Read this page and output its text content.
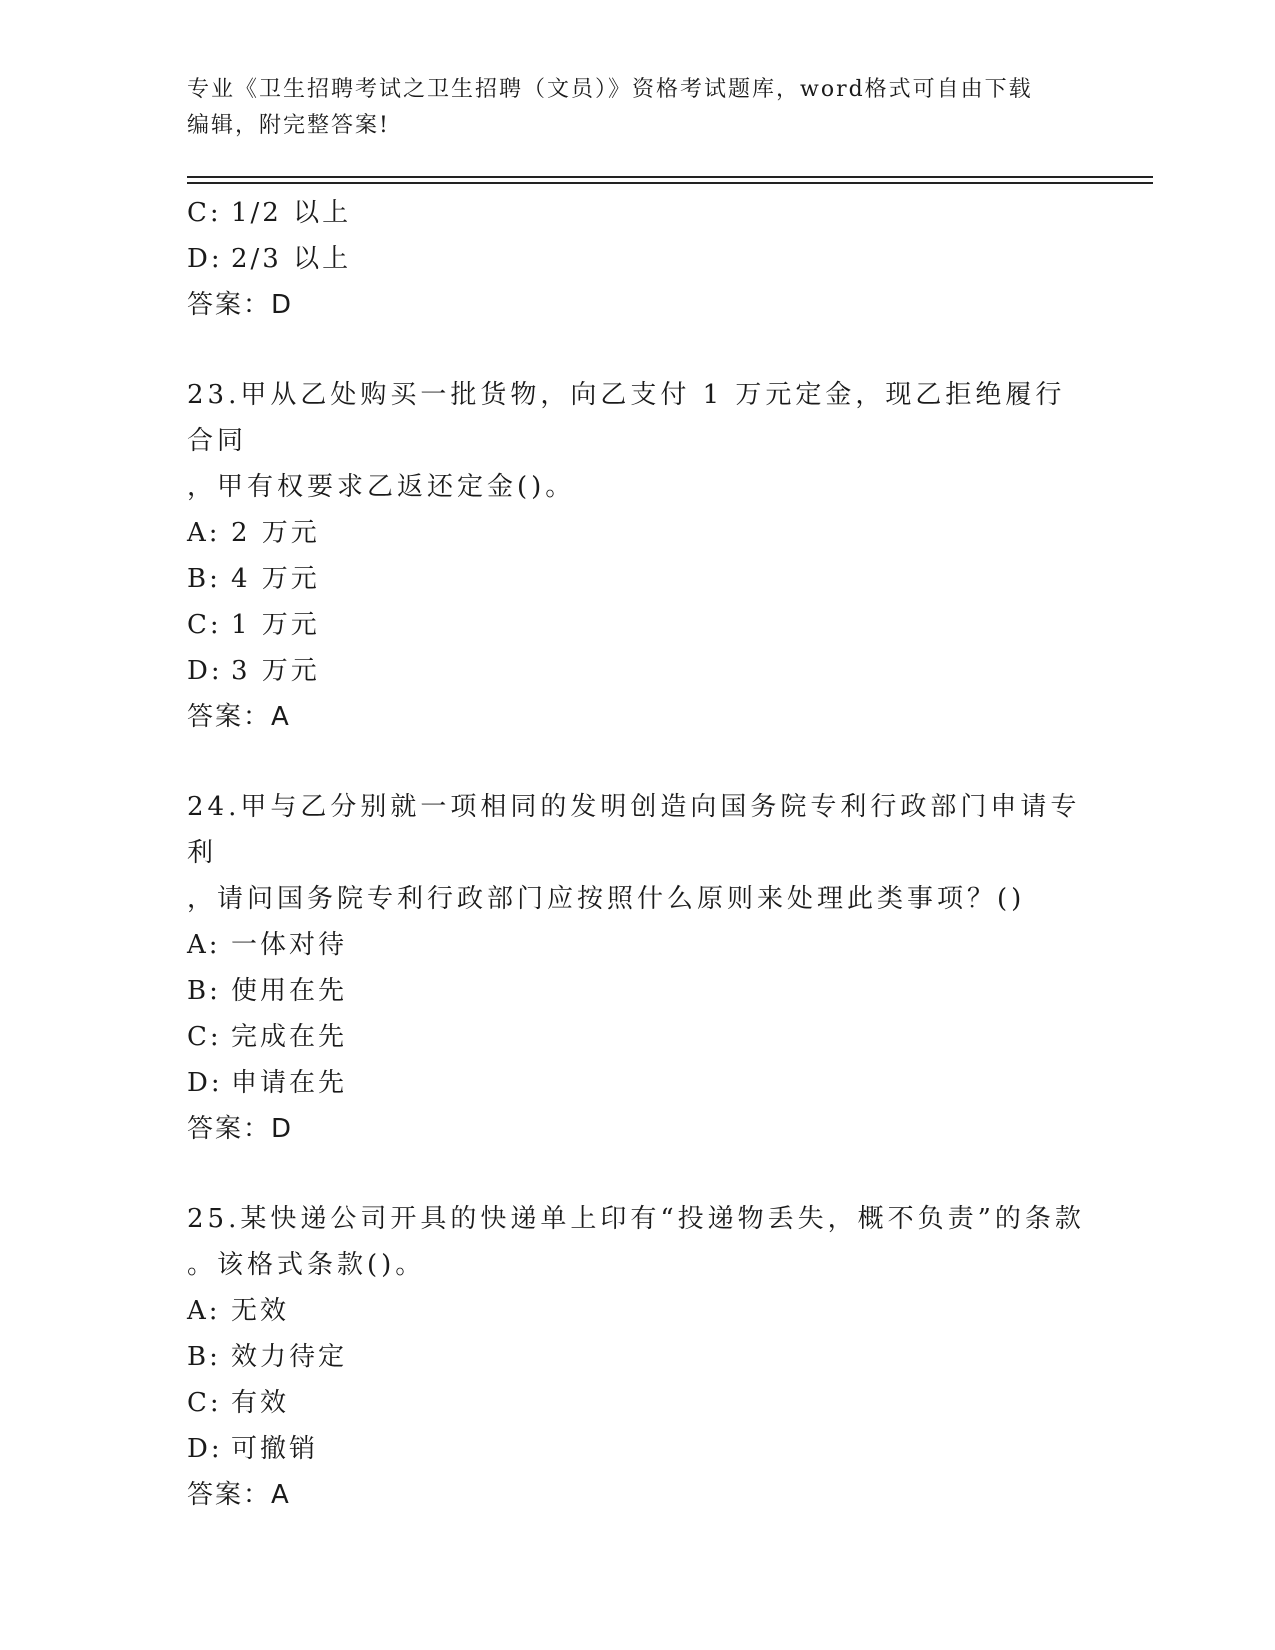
专业《卫生招聘考试之卫生招聘（文员）》资格考试题库，word格式可自由下载
编辑，附完整答案!
C: 1/2 以上
D: 2/3 以上
答案：D
23.甲从乙处购买一批货物，向乙支付 1 万元定金，现乙拒绝履行合同
，甲有权要求乙返还定金()。
A: 2 万元
B: 4 万元
C: 1 万元
D: 3 万元
答案：A
24.甲与乙分别就一项相同的发明创造向国务院专利行政部门申请专利
，请问国务院专利行政部门应按照什么原则来处理此类事项？()
A: 一体对待
B: 使用在先
C: 完成在先
D: 申请在先
答案：D
25.某快递公司开具的快递单上印有“投递物丢失，概不负责”的条款
。该格式条款()。
A: 无效
B: 效力待定
C: 有效
D: 可撤销
答案：A
